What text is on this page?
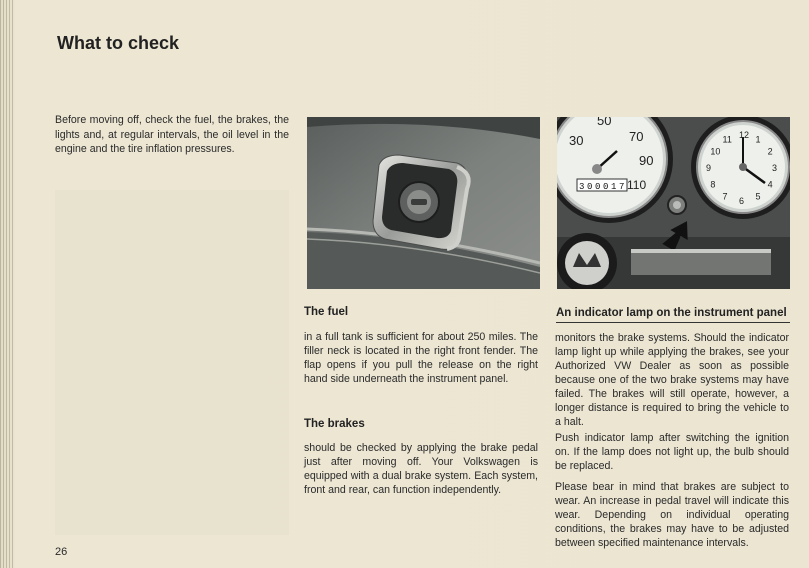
What to check

Before moving off, check the fuel, the brakes, the lights and, at regular intervals, the oil level in the engine and the tire inflation pressures.

30
50
70
90
110
3 0 0 0 1 7
12 1
2
3
4
5
6
7
8
9
10
11
The fuel

in a full tank is sufficient for about 250 miles. The filler neck is located in the right front fender. The flap opens if you pull the release on the right hand side underneath the instrument panel.

The brakes

should be checked by applying the brake pedal just after moving off. Your Volkswagen is equipped with a dual brake system. Each system, front and rear, can function independently.

An indicator lamp on the instrument panel

monitors the brake systems. Should the indicator lamp light up while applying the brakes, see your Authorized VW Dealer as soon as possible because one of the two brake systems may have failed. The brakes will still operate, however, a longer distance is required to bring the vehicle to a halt.

Push indicator lamp after switching the ignition on. If the lamp does not light up, the bulb should be replaced.

Please bear in mind that brakes are subject to wear. An increase in pedal travel will indicate this wear. Depending on individual operating conditions, the brakes may have to be adjusted between specified maintenance intervals.

26
